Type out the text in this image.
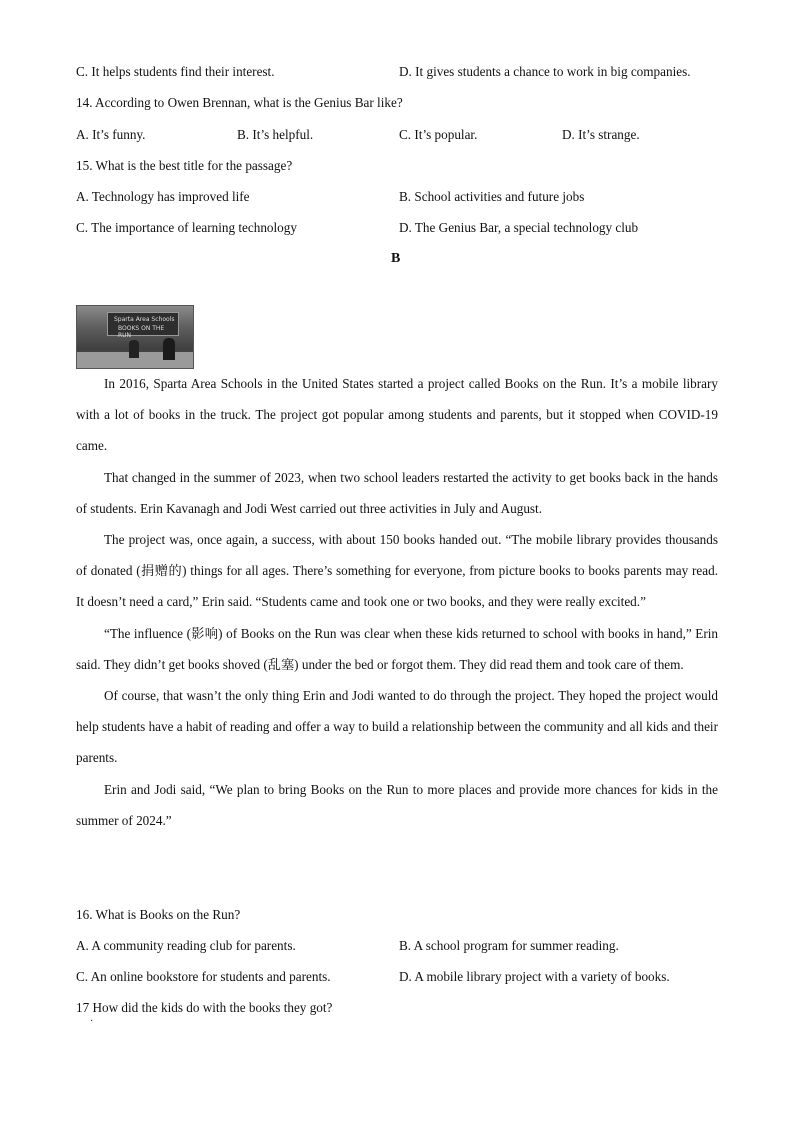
C. It helps students find their interest.	D. It gives students a chance to work in big companies.
14. According to Owen Brennan, what is the Genius Bar like?
A. It’s funny.	B. It’s helpful.	C. It’s popular.	D. It’s strange.
15. What is the best title for the passage?
A. Technology has improved life	B. School activities and future jobs
C. The importance of learning technology	D. The Genius Bar, a special technology club
B
Sparta Area Schools
BOOKS ON THE RUN

In 2016, Sparta Area Schools in the United States started a project called Books on the Run. It’s a mobile library with a lot of books in the truck. The project got popular among students and parents, but it stopped when COVID-19 came.

That changed in the summer of 2023, when two school leaders restarted the activity to get books back in the hands of students. Erin Kavanagh and Jodi West carried out three activities in July and August.

The project was, once again, a success, with about 150 books handed out. “The mobile library provides thousands of donated (捐赠的) things for all ages. There’s something for everyone, from picture books to books parents may read. It doesn’t need a card,” Erin said. “Students came and took one or two books, and they were really excited.”

“The influence (影响) of Books on the Run was clear when these kids returned to school with books in hand,” Erin said. They didn’t get books shoved (乱塞) under the bed or forgot them. They did read them and took care of them.

Of course, that wasn’t the only thing Erin and Jodi wanted to do through the project. They hoped the project would help students have a habit of reading and offer a way to build a relationship between the community and all kids and their parents.

Erin and Jodi said, “We plan to bring Books on the Run to more places and provide more chances for kids in the summer of 2024.”

16. What is Books on the Run?
A. A community reading club for parents.	B. A school program for summer reading.
C. An online bookstore for students and parents.	D. A mobile library project with a variety of books.
17 How did the kids do with the books they got?
·
